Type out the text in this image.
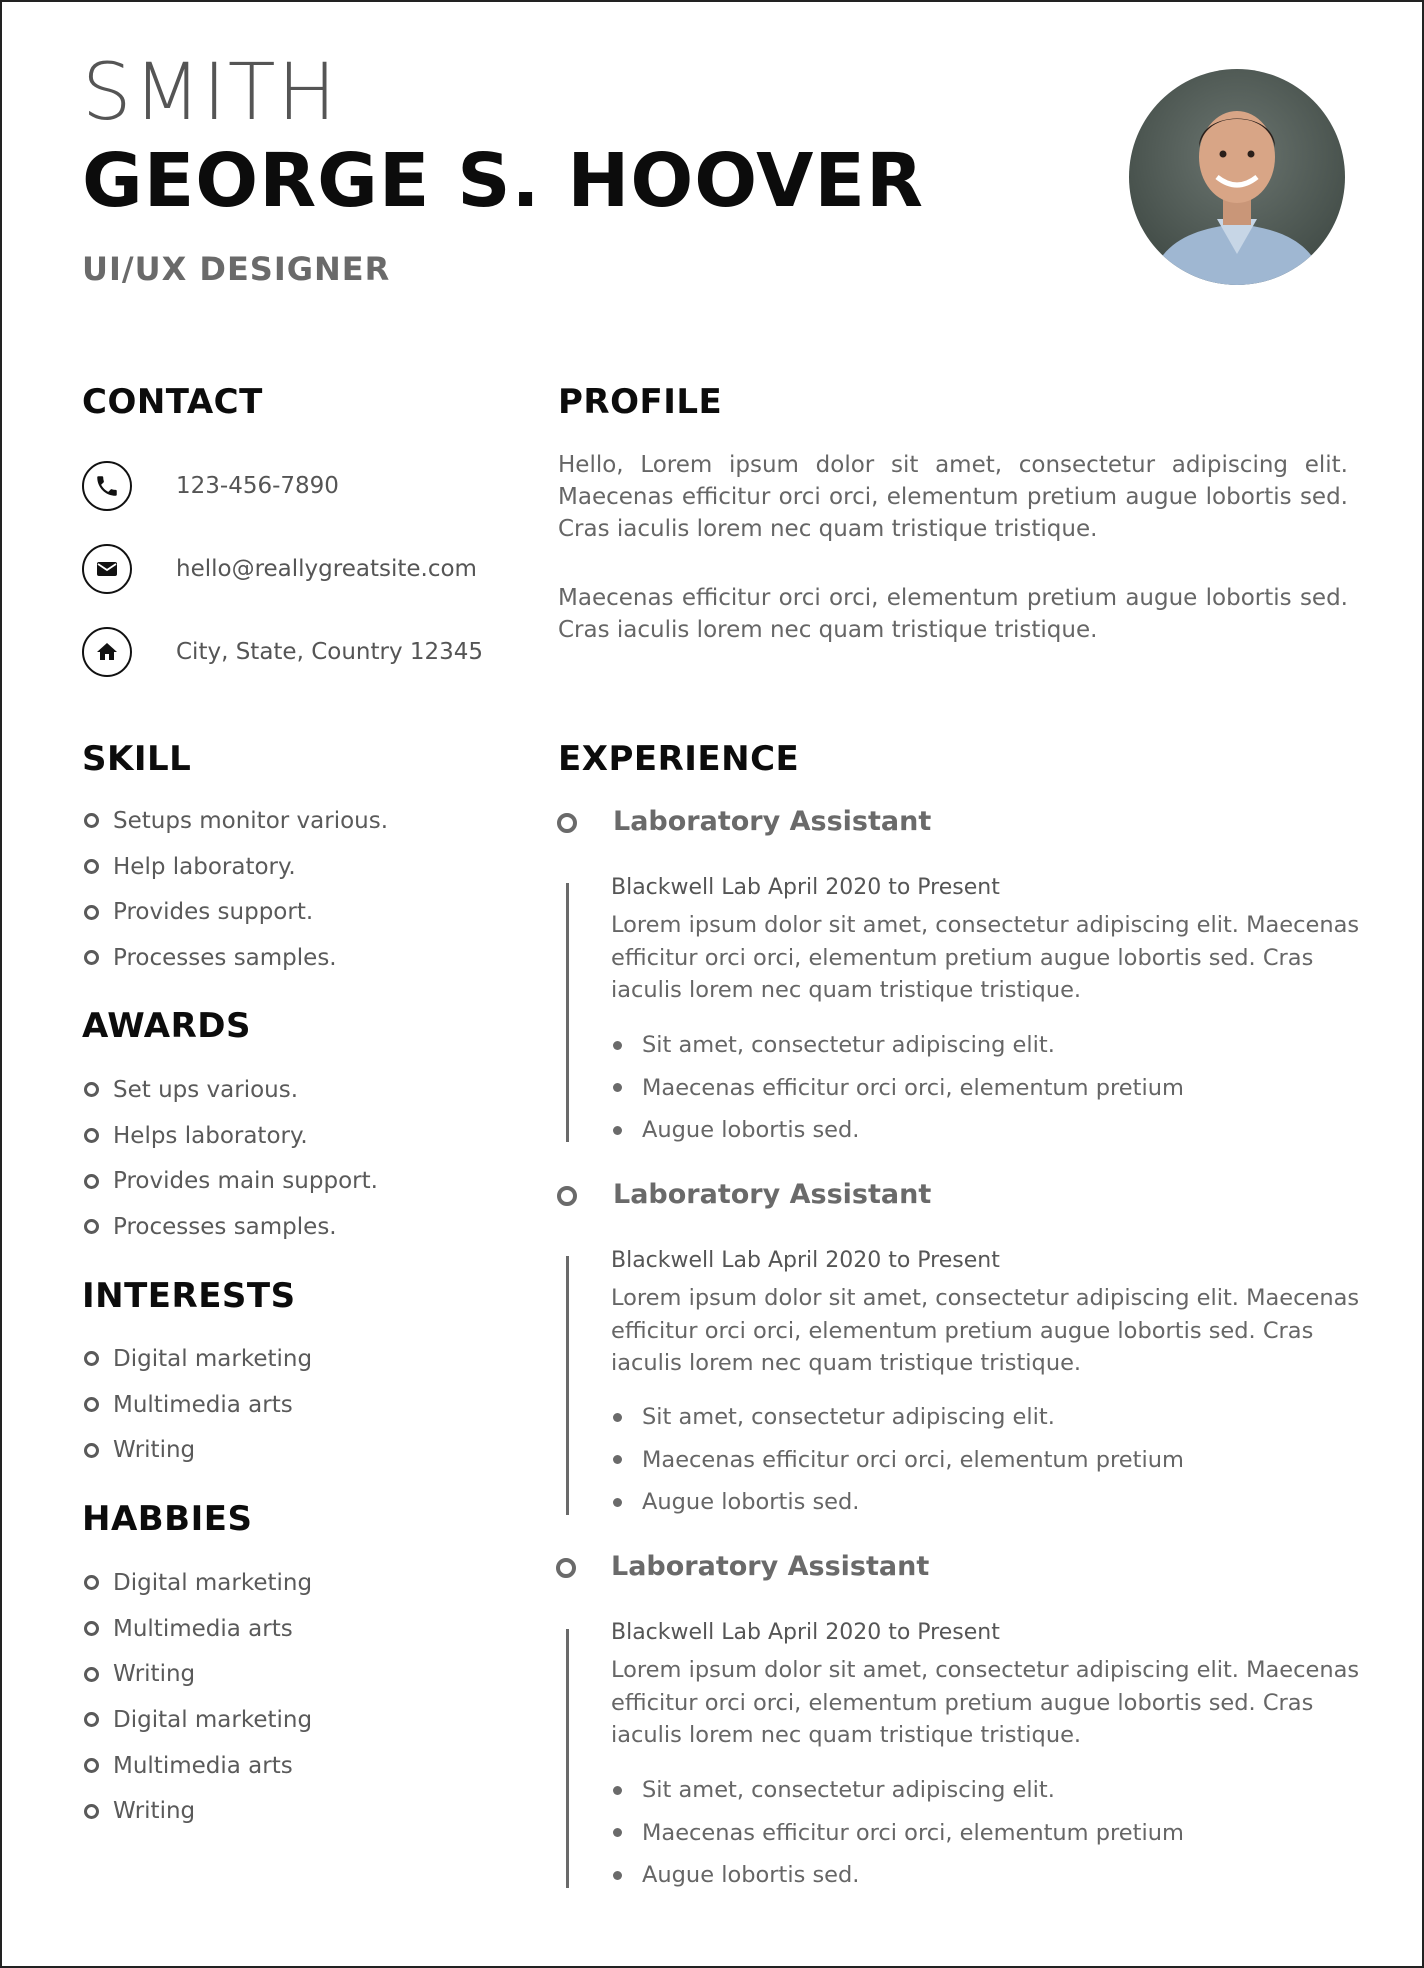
SMITH
GEORGE S. HOOVER
UI/UX DESIGNER
CONTACT
123-456-7890
hello@reallygreatsite.com
City, State, Country 12345
PROFILE

Hello, Lorem ipsum dolor sit amet, consectetur adipiscing elit. Maecenas efficitur orci orci, elementum pretium augue lobortis sed. Cras iaculis lorem nec quam tristique tristique.

Maecenas efficitur orci orci, elementum pretium augue lobortis sed. Cras iaculis lorem nec quam tristique tristique.

SKILL
Setups monitor various.
Help laboratory.
Provides support.
Processes samples.
AWARDS
Set ups various.
Helps laboratory.
Provides main support.
Processes samples.
INTERESTS
Digital marketing
Multimedia arts
Writing
HABBIES
Digital marketing
Multimedia arts
Writing
Digital marketing
Multimedia arts
Writing
EXPERIENCE
Laboratory Assistant
Blackwell Lab April 2020 to Present

Lorem ipsum dolor sit amet, consectetur adipiscing elit. Maecenas efficitur orci orci, elementum pretium augue lobortis sed. Cras iaculis lorem nec quam tristique tristique.

Sit amet, consectetur adipiscing elit.
Maecenas efficitur orci orci, elementum pretium
Augue lobortis sed.
Laboratory Assistant
Blackwell Lab April 2020 to Present

Lorem ipsum dolor sit amet, consectetur adipiscing elit. Maecenas efficitur orci orci, elementum pretium augue lobortis sed. Cras iaculis lorem nec quam tristique tristique.

Sit amet, consectetur adipiscing elit.
Maecenas efficitur orci orci, elementum pretium
Augue lobortis sed.
Laboratory Assistant
Blackwell Lab April 2020 to Present

Lorem ipsum dolor sit amet, consectetur adipiscing elit. Maecenas efficitur orci orci, elementum pretium augue lobortis sed. Cras iaculis lorem nec quam tristique tristique.

Sit amet, consectetur adipiscing elit.
Maecenas efficitur orci orci, elementum pretium
Augue lobortis sed.
